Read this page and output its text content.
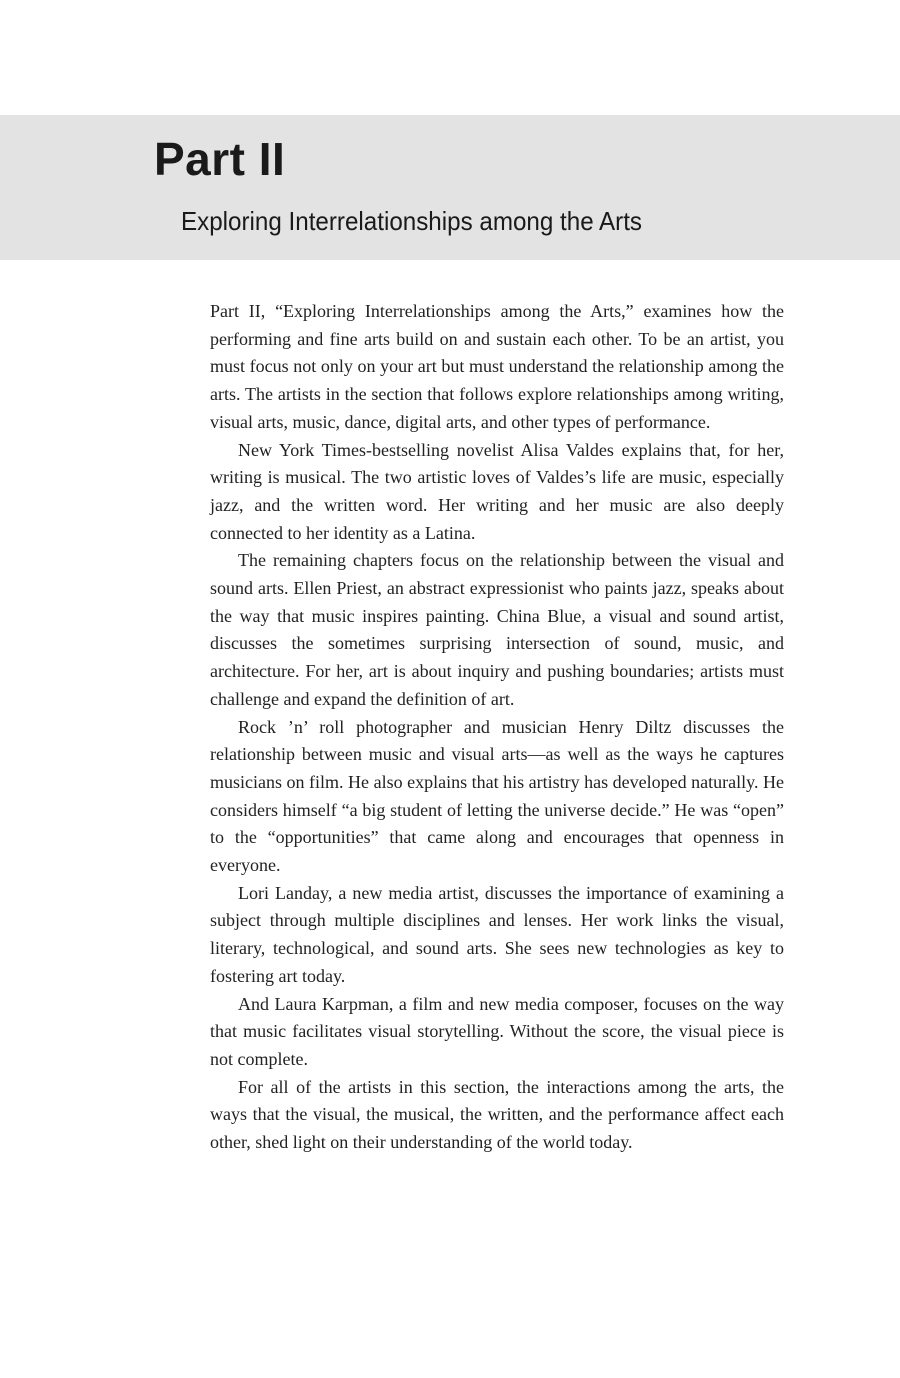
Part II
Exploring Interrelationships among the Arts

Part II, “Exploring Interrelationships among the Arts,” examines how the performing and fine arts build on and sustain each other. To be an artist, you must focus not only on your art but must understand the relationship among the arts. The artists in the section that follows explore relationships among writing, visual arts, music, dance, digital arts, and other types of performance.

New York Times-bestselling novelist Alisa Valdes explains that, for her, writing is musical. The two artistic loves of Valdes’s life are music, especially jazz, and the written word. Her writing and her music are also deeply connected to her identity as a Latina.

The remaining chapters focus on the relationship between the visual and sound arts. Ellen Priest, an abstract expressionist who paints jazz, speaks about the way that music inspires painting. China Blue, a visual and sound artist, discusses the sometimes surprising intersection of sound, music, and architecture. For her, art is about inquiry and pushing boundaries; artists must challenge and expand the definition of art.

Rock ’n’ roll photographer and musician Henry Diltz discusses the relationship between music and visual arts—as well as the ways he captures musicians on film. He also explains that his artistry has developed naturally. He considers himself “a big student of letting the universe decide.” He was “open” to the “opportunities” that came along and encourages that openness in everyone.

Lori Landay, a new media artist, discusses the importance of examining a subject through multiple disciplines and lenses. Her work links the visual, literary, technological, and sound arts. She sees new technologies as key to fostering art today.

And Laura Karpman, a film and new media composer, focuses on the way that music facilitates visual storytelling. Without the score, the visual piece is not complete.

For all of the artists in this section, the interactions among the arts, the ways that the visual, the musical, the written, and the performance affect each other, shed light on their understanding of the world today.
